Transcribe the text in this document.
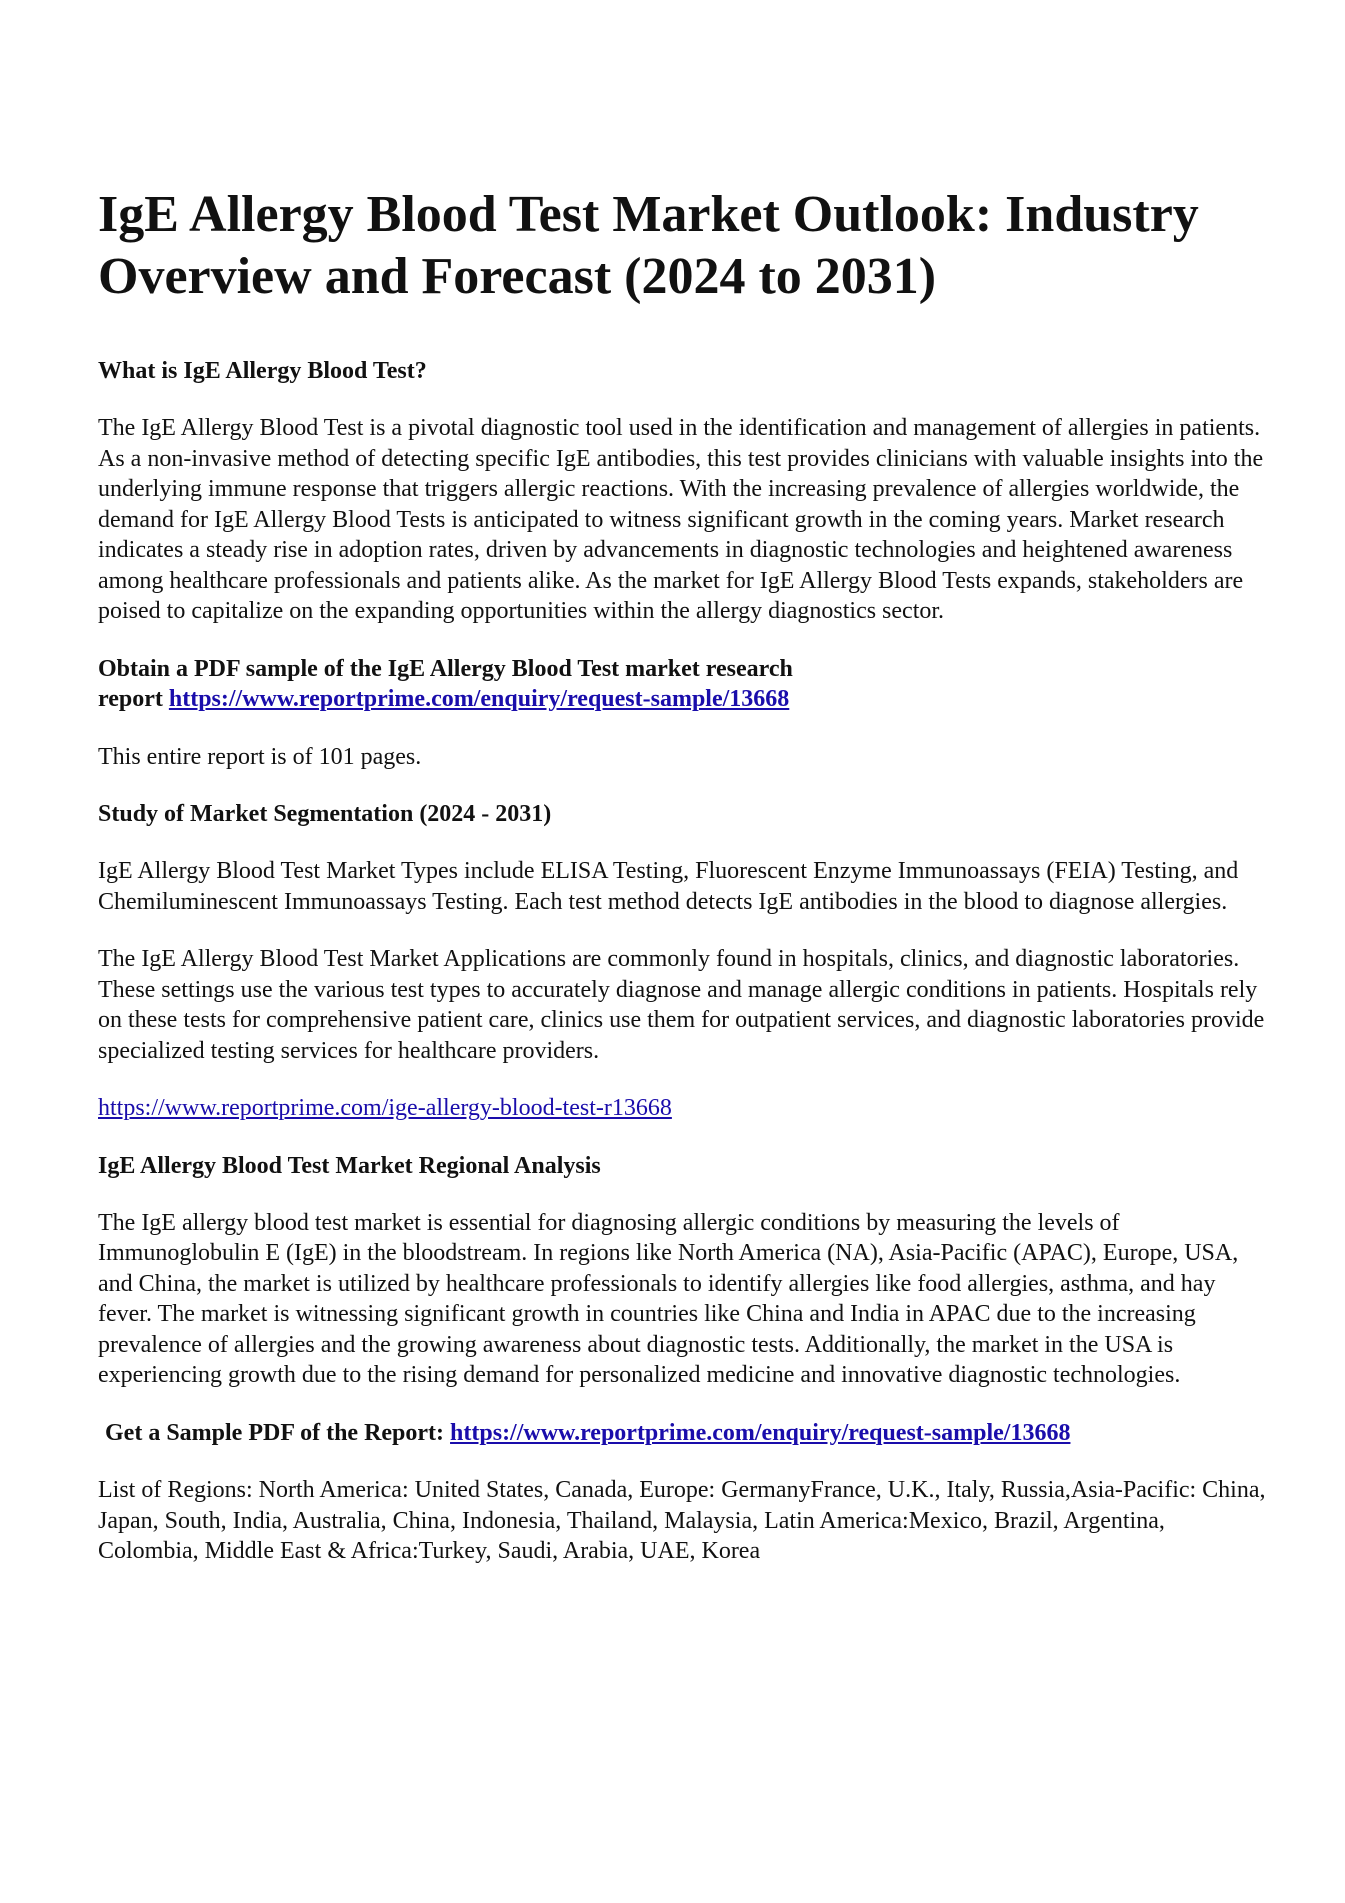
IgE Allergy Blood Test Market Outlook: Industry Overview and Forecast (2024 to 2031)
What is IgE Allergy Blood Test?

The IgE Allergy Blood Test is a pivotal diagnostic tool used in the identification and management of allergies in patients. As a non-invasive method of detecting specific IgE antibodies, this test provides clinicians with valuable insights into the underlying immune response that triggers allergic reactions. With the increasing prevalence of allergies worldwide, the demand for IgE Allergy Blood Tests is anticipated to witness significant growth in the coming years. Market research indicates a steady rise in adoption rates, driven by advancements in diagnostic technologies and heightened awareness among healthcare professionals and patients alike. As the market for IgE Allergy Blood Tests expands, stakeholders are poised to capitalize on the expanding opportunities within the allergy diagnostics sector.

Obtain a PDF sample of the IgE Allergy Blood Test market research
report https://www.reportprime.com/enquiry/request-sample/13668

This entire report is of 101 pages.

Study of Market Segmentation (2024 - 2031)

IgE Allergy Blood Test Market Types include ELISA Testing, Fluorescent Enzyme Immunoassays (FEIA) Testing, and Chemiluminescent Immunoassays Testing. Each test method detects IgE antibodies in the blood to diagnose allergies.

The IgE Allergy Blood Test Market Applications are commonly found in hospitals, clinics, and diagnostic laboratories. These settings use the various test types to accurately diagnose and manage allergic conditions in patients. Hospitals rely on these tests for comprehensive patient care, clinics use them for outpatient services, and diagnostic laboratories provide specialized testing services for healthcare providers.

https://www.reportprime.com/ige-allergy-blood-test-r13668

IgE Allergy Blood Test Market Regional Analysis

The IgE allergy blood test market is essential for diagnosing allergic conditions by measuring the levels of Immunoglobulin E (IgE) in the bloodstream. In regions like North America (NA), Asia-Pacific (APAC), Europe, USA, and China, the market is utilized by healthcare professionals to identify allergies like food allergies, asthma, and hay fever. The market is witnessing significant growth in countries like China and India in APAC due to the increasing prevalence of allergies and the growing awareness about diagnostic tests. Additionally, the market in the USA is experiencing growth due to the rising demand for personalized medicine and innovative diagnostic technologies.

Get a Sample PDF of the Report: https://www.reportprime.com/enquiry/request-sample/13668

List of Regions: North America: United States, Canada, Europe: GermanyFrance, U.K., Italy, Russia,Asia-Pacific: China, Japan, South, India, Australia, China, Indonesia, Thailand, Malaysia, Latin America:Mexico, Brazil, Argentina, Colombia, Middle East & Africa:Turkey, Saudi, Arabia, UAE, Korea
